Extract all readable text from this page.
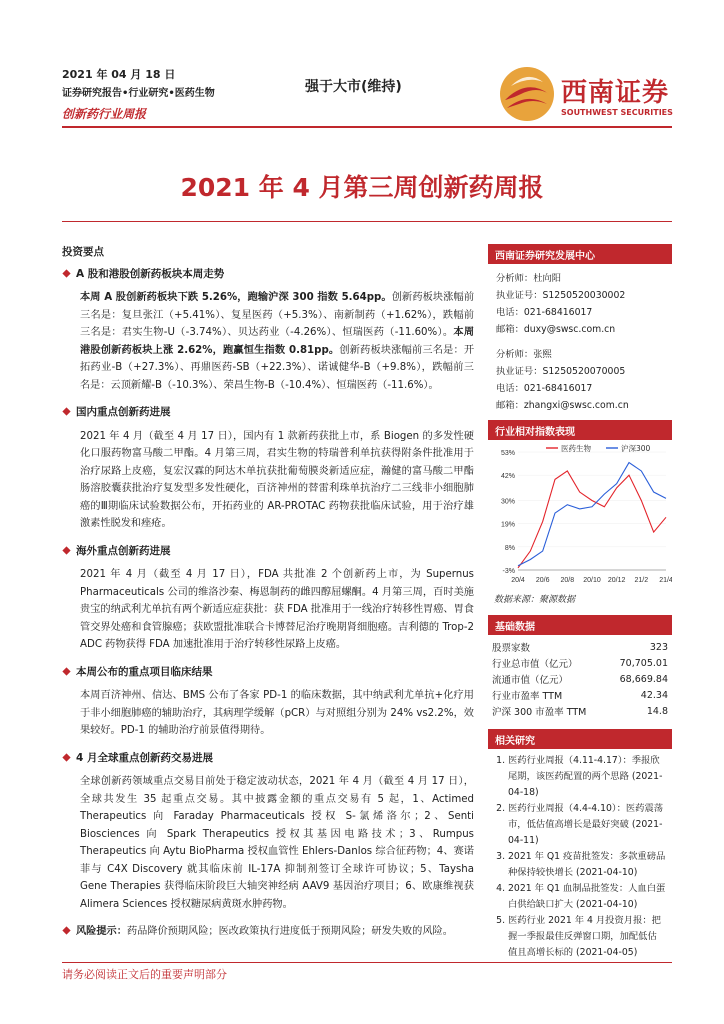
2021 年 04 月 18 日
证券研究报告•行业研究•医药生物
创新药行业周报
强于大市(维持)	西南证券
SOUTHWEST SECURITIES
2021 年 4 月第三周创新药周报

投资要点

A 股和港股创新药板块本周走势

本周 A 股创新药板块下跌 5.26%，跑输沪深 300 指数 5.64pp。创新药板块涨幅前三名是：复旦张江（+5.41%）、复星医药（+5.3%）、南新制药（+1.62%），跌幅前三名是：君实生物-U（-3.74%）、贝达药业（-4.26%）、恒瑞医药（-11.60%）。本周港股创新药板块上涨 2.62%，跑赢恒生指数 0.81pp。创新药板块涨幅前三名是：开拓药业-B（+27.3%）、再鼎医药-SB（+22.3%）、诺诚健华-B（+9.8%），跌幅前三名是：云顶新耀-B（-10.3%）、荣昌生物-B（-10.4%）、恒瑞医药（-11.6%）。

国内重点创新药进展

2021 年 4 月（截至 4 月 17 日），国内有 1 款新药获批上市，系 Biogen 的多发性硬化口服药物富马酸二甲酯。4 月第三周，君实生物的特瑞普利单抗获得附条件批准用于治疗尿路上皮癌，复宏汉霖的阿达木单抗获批葡萄膜炎新适应症，瀚健的富马酸二甲酯肠溶胶囊获批治疗复发型多发性硬化，百济神州的替雷利珠单抗治疗二三线非小细胞肺癌的Ⅲ期临床试验数据公布，开拓药业的 AR-PROTAC 药物获批临床试验，用于治疗雄激素性脱发和痤疮。

海外重点创新药进展

2021 年 4 月（截至 4 月 17 日），FDA 共批准 2 个创新药上市，为 Supernus Pharmaceuticals 公司的维洛沙秦、梅恩制药的雌四醇屈螺酮。4 月第三周，百时美施贵宝的纳武利尤单抗有两个新适应症获批：获 FDA 批准用于一线治疗转移性胃癌、胃食管交界处癌和食管腺癌；获欧盟批准联合卡博替尼治疗晚期肾细胞癌。吉利德的 Trop-2 ADC 药物获得 FDA 加速批准用于治疗转移性尿路上皮癌。

本周公布的重点项目临床结果

本周百济神州、信达、BMS 公布了各家 PD-1 的临床数据，其中纳武利尤单抗+化疗用于非小细胞肺癌的辅助治疗，其病理学缓解（pCR）与对照组分别为 24% vs2.2%，效果较好。PD-1 的辅助治疗前景值得期待。

4 月全球重点创新药交易进展

全球创新药领域重点交易目前处于稳定波动状态，2021 年 4 月（截至 4 月 17 日），全球共发生 35 起重点交易。其中披露金额的重点交易有 5 起，1、Actimed Therapeutics 向 Faraday Pharmaceuticals 授权 S-氯烯洛尔；2、Senti Biosciences 向 Spark Therapeutics 授权其基因电路技术；3、Rumpus Therapeutics 向 Aytu BioPharma 授权血管性 Ehlers-Danlos 综合征药物；4、赛诺菲与 C4X Discovery 就其临床前 IL-17A 抑制剂签订全球许可协议；5、Taysha Gene Therapies 获得临床阶段巨大轴突神经病 AAV9 基因治疗项目；6、欧康维视获 Alimera Sciences 授权糖尿病黄斑水肿药物。

风险提示：药品降价预期风险；医改政策执行进度低于预期风险；研发失败的风险。

西南证券研究发展中心
分析师：杜向阳
执业证号：S1250520030002
电话：021-68416017
邮箱：duxy@swsc.com.cn
分析师：张熙
执业证号：S1250520070005
电话：021-68416017
邮箱：zhangxi@swsc.com.cn
行业相对指数表现
53%
42%
30%
19%
8%
-3%
20/4 20/6 20/8 20/10 20/12 21/2 21/4
医药生物	沪深300
数据来源：聚源数据
基础数据
股票家数	323
行业总市值（亿元）	70,705.01
流通市值（亿元）	68,669.84
行业市盈率 TTM	42.34
沪深 300 市盈率 TTM	14.8
相关研究
1. 医药行业周报（4.11-4.17）：季报欣尾期，该医药配置的两个思路 (2021-04-18)
2. 医药行业周报（4.4-4.10）：医药震荡市，低估值高增长是最好突破 (2021-04-11)
3. 2021 年 Q1 疫苗批签发：多款重磅品种保持较快增长 (2021-04-10)
4. 2021 年 Q1 血制品批签发：人血白蛋白供给缺口扩大 (2021-04-10)
5. 医药行业 2021 年 4 月投资月报：把握一季报最佳反弹窗口期，加配低估值且高增长标的 (2021-04-05)
请务必阅读正文后的重要声明部分
